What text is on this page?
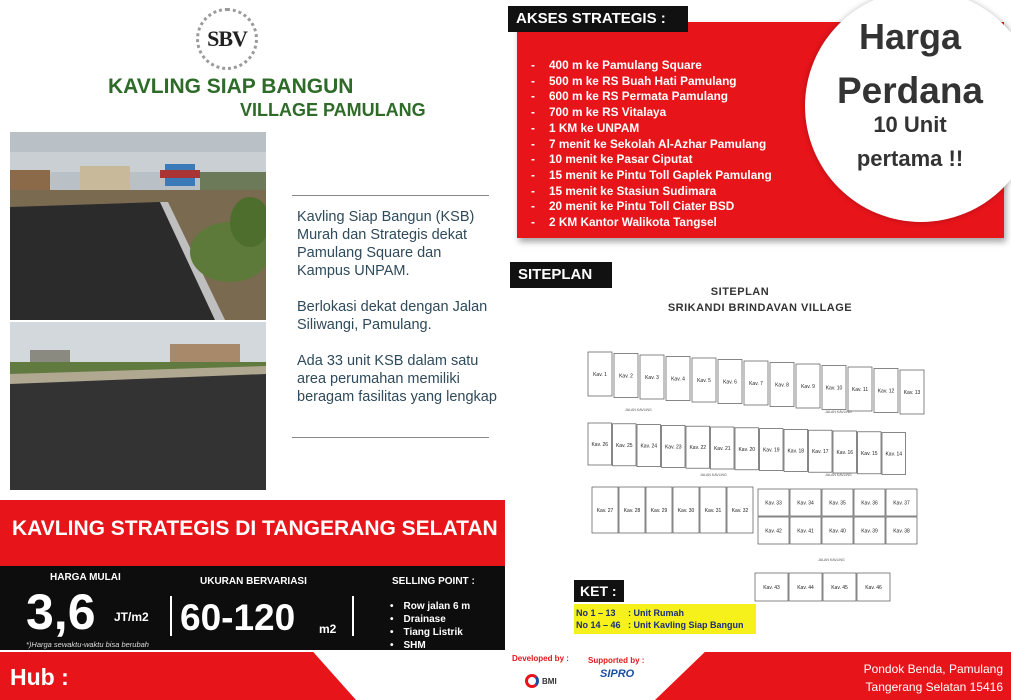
SBV
KAVLING SIAP BANGUN
VILLAGE PAMULANG

Kavling Siap Bangun (KSB) Murah dan Strategis dekat Pamulang Square dan Kampus UNPAM.

Berlokasi dekat dengan Jalan Siliwangi, Pamulang.

Ada 33 unit KSB dalam satu area perumahan memiliki beragam fasilitas yang lengkap

KAVLING STRATEGIS DI TANGERANG SELATAN
HARGA MULAI
3,6 JT/m2
*)Harga sewaktu-waktu bisa berubah
UKURAN BERVARIASI
60-120 m2
SELLING POINT :
• Row jalan 6 m
• Drainase
• Tiang Listrik
• SHM
• Free Biaya-Biaya
Hub :
AKSES STRATEGIS :
- 400 m ke Pamulang Square
- 500 m ke RS Buah Hati Pamulang
- 600 m ke RS Permata Pamulang
- 700 m ke RS Vitalaya
- 1 KM ke UNPAM
- 7 menit ke Sekolah Al-Azhar Pamulang
- 10 menit ke Pasar Ciputat
- 15 menit ke Pintu Toll Gaplek Pamulang
- 15 menit ke Stasiun Sudimara
- 20 menit ke Pintu Toll Ciater BSD
- 2 KM Kantor Walikota Tangsel
Harga
Perdana
10 Unit
pertama !!
SITEPLAN
SITEPLAN
SRIKANDI BRINDAVAN VILLAGE
Kav. 1 Kav. 2 Kav. 3 Kav. 4 Kav. 5 Kav. 6 Kav. 7 Kav. 8 Kav. 9 Kav. 10 Kav. 11 Kav. 12 Kav. 13
JALAN KAVLING	JALAN KAVLING
Kav. 26 Kav. 25 Kav. 24 Kav. 23 Kav. 22 Kav. 21 Kav. 20 Kav. 19 Kav. 18 Kav. 17 Kav. 16 Kav. 15 Kav. 14
JALAN KAVLING	JALAN KAVLING
Kav. 27 Kav. 28 Kav. 29 Kav. 30 Kav. 31 Kav. 32
Kav. 33	Kav. 34	Kav. 35	Kav. 36	Kav. 37
Kav. 42	Kav. 41	Kav. 40	Kav. 39	Kav. 38
JALAN KAVLING
Kav. 43	Kav. 44	Kav. 45	Kav. 46
KET :
No 1 – 13 : Unit Rumah
No 14 – 46 : Unit Kavling Siap Bangun
Developed by : Supported by :
BMI
SIPRO	Pondok Benda, Pamulang
Tangerang Selatan 15416
